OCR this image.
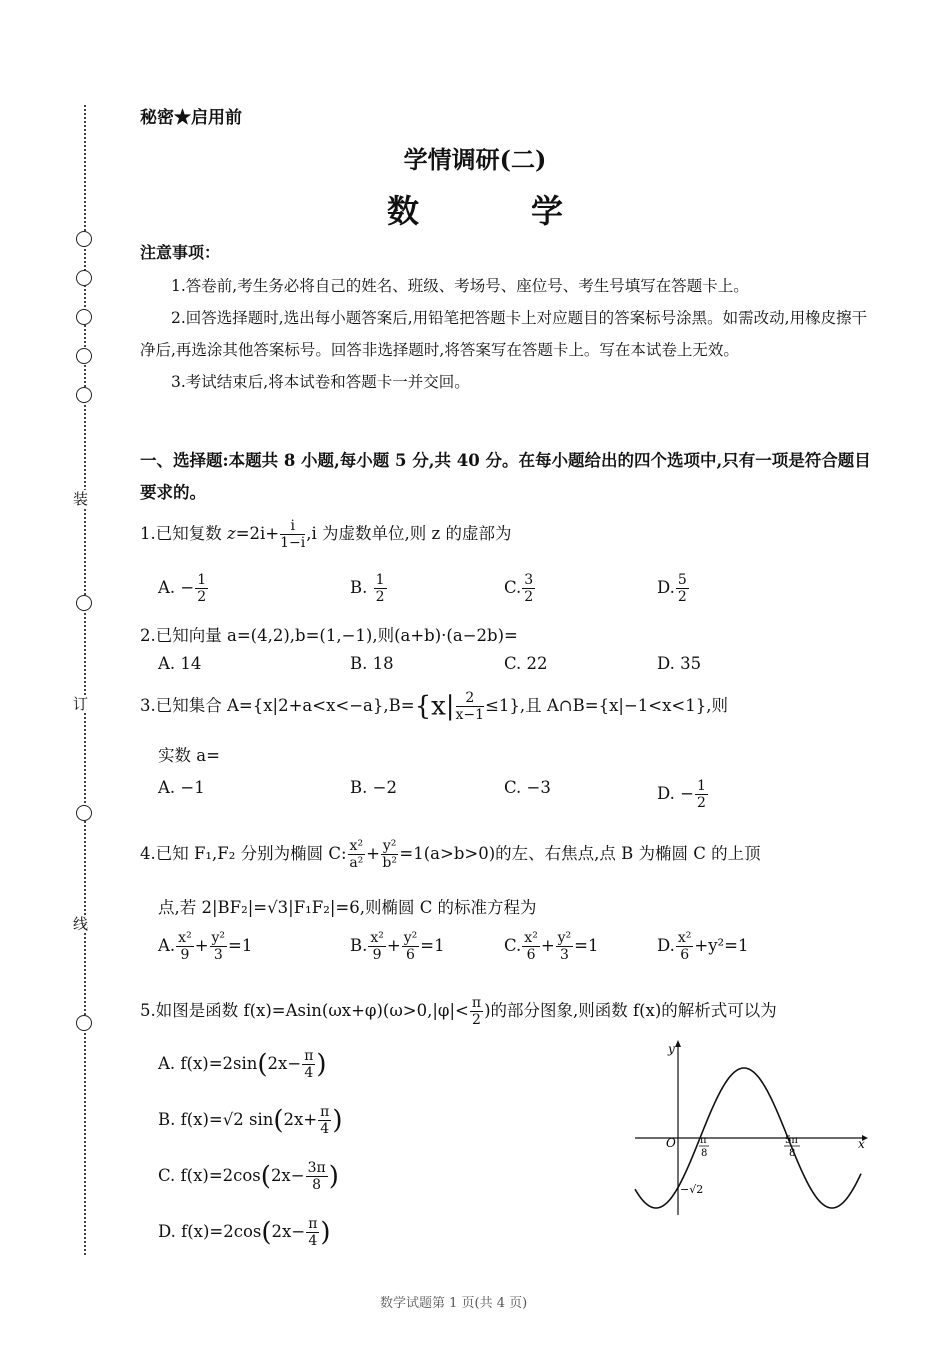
装
订
线
秘密★启用前
学情调研(二)
数　学
注意事项：

1.答卷前,考生务必将自己的姓名、班级、考场号、座位号、考生号填写在答题卡上。

2.回答选择题时,选出每小题答案后,用铅笔把答题卡上对应题目的答案标号涂黑。如需改动,用橡皮擦干净后,再选涂其他答案标号。回答非选择题时,将答案写在答题卡上。写在本试卷上无效。

3.考试结束后,将本试卷和答题卡一并交回。

一、选择题:本题共 8 小题,每小题 5 分,共 40 分。在每小题给出的四个选项中,只有一项是符合题目要求的。
1.已知复数 $z=2i+ \frac{i}{1-i} ,i$ 为虚数单位,则 z 的虚部为
A. − $\frac{1}{2}$	B. $\frac{1}{2}$	C. $\frac{3}{2}$	D. $\frac{5}{2}$
2.已知向量 a=(4,2),b=(1,−1),则(a+b)·(a−2b)=
A. 14	B. 18	C. 22	D. 35
3.已知集合 $A=\{x|2+a<x<-a\},B=\{x| \frac{2}{x-1} \le 1\}$,且 A∩B={x|−1<x<1},则
实数 a=
A. −1	B. −2	C. −3	D. − $\frac{1}{2}$
4.已知 F₁,F₂ 分别为椭圆 C: $\frac{\text{x²}}{\text{a²}} + \frac{\text{y²}}{\text{b²}} =1(a>b>0)$的左、右焦点,点 B 为椭圆 C 的上顶
点,若 2|BF₂|=√3|F₁F₂|=6,则椭圆 C 的标准方程为
A. $\frac{\text{x²}}{9} + \frac{\text{y²}}{3} =1$	B. $\frac{\text{x²}}{9} + \frac{\text{y²}}{6} =1$	C. $\frac{\text{x²}}{6} + \frac{\text{y²}}{3} =1$	D. $\frac{\text{x²}}{6} +y^2=1$
5.如图是函数 $f(x)=Asin(\omega x+\varphi)(\omega>0,|\varphi|< \frac{\pi}{2}$ )的部分图象,则函数 f(x)的解析式可以为
A. $f(x)=2\sin(2x- \frac{\pi}{4}$ )
B. f(x)=√2 $\sin(2x+ \frac{\pi}{4}$ )
C. $f(x)=2\cos(2x- \frac{3\pi}{8}$ )
D. $f(x)=2\cos(2x- \frac{\pi}{4}$ )
y
x
O π
8
5π
8
−√2
数学试题第 1 页(共 4 页)
